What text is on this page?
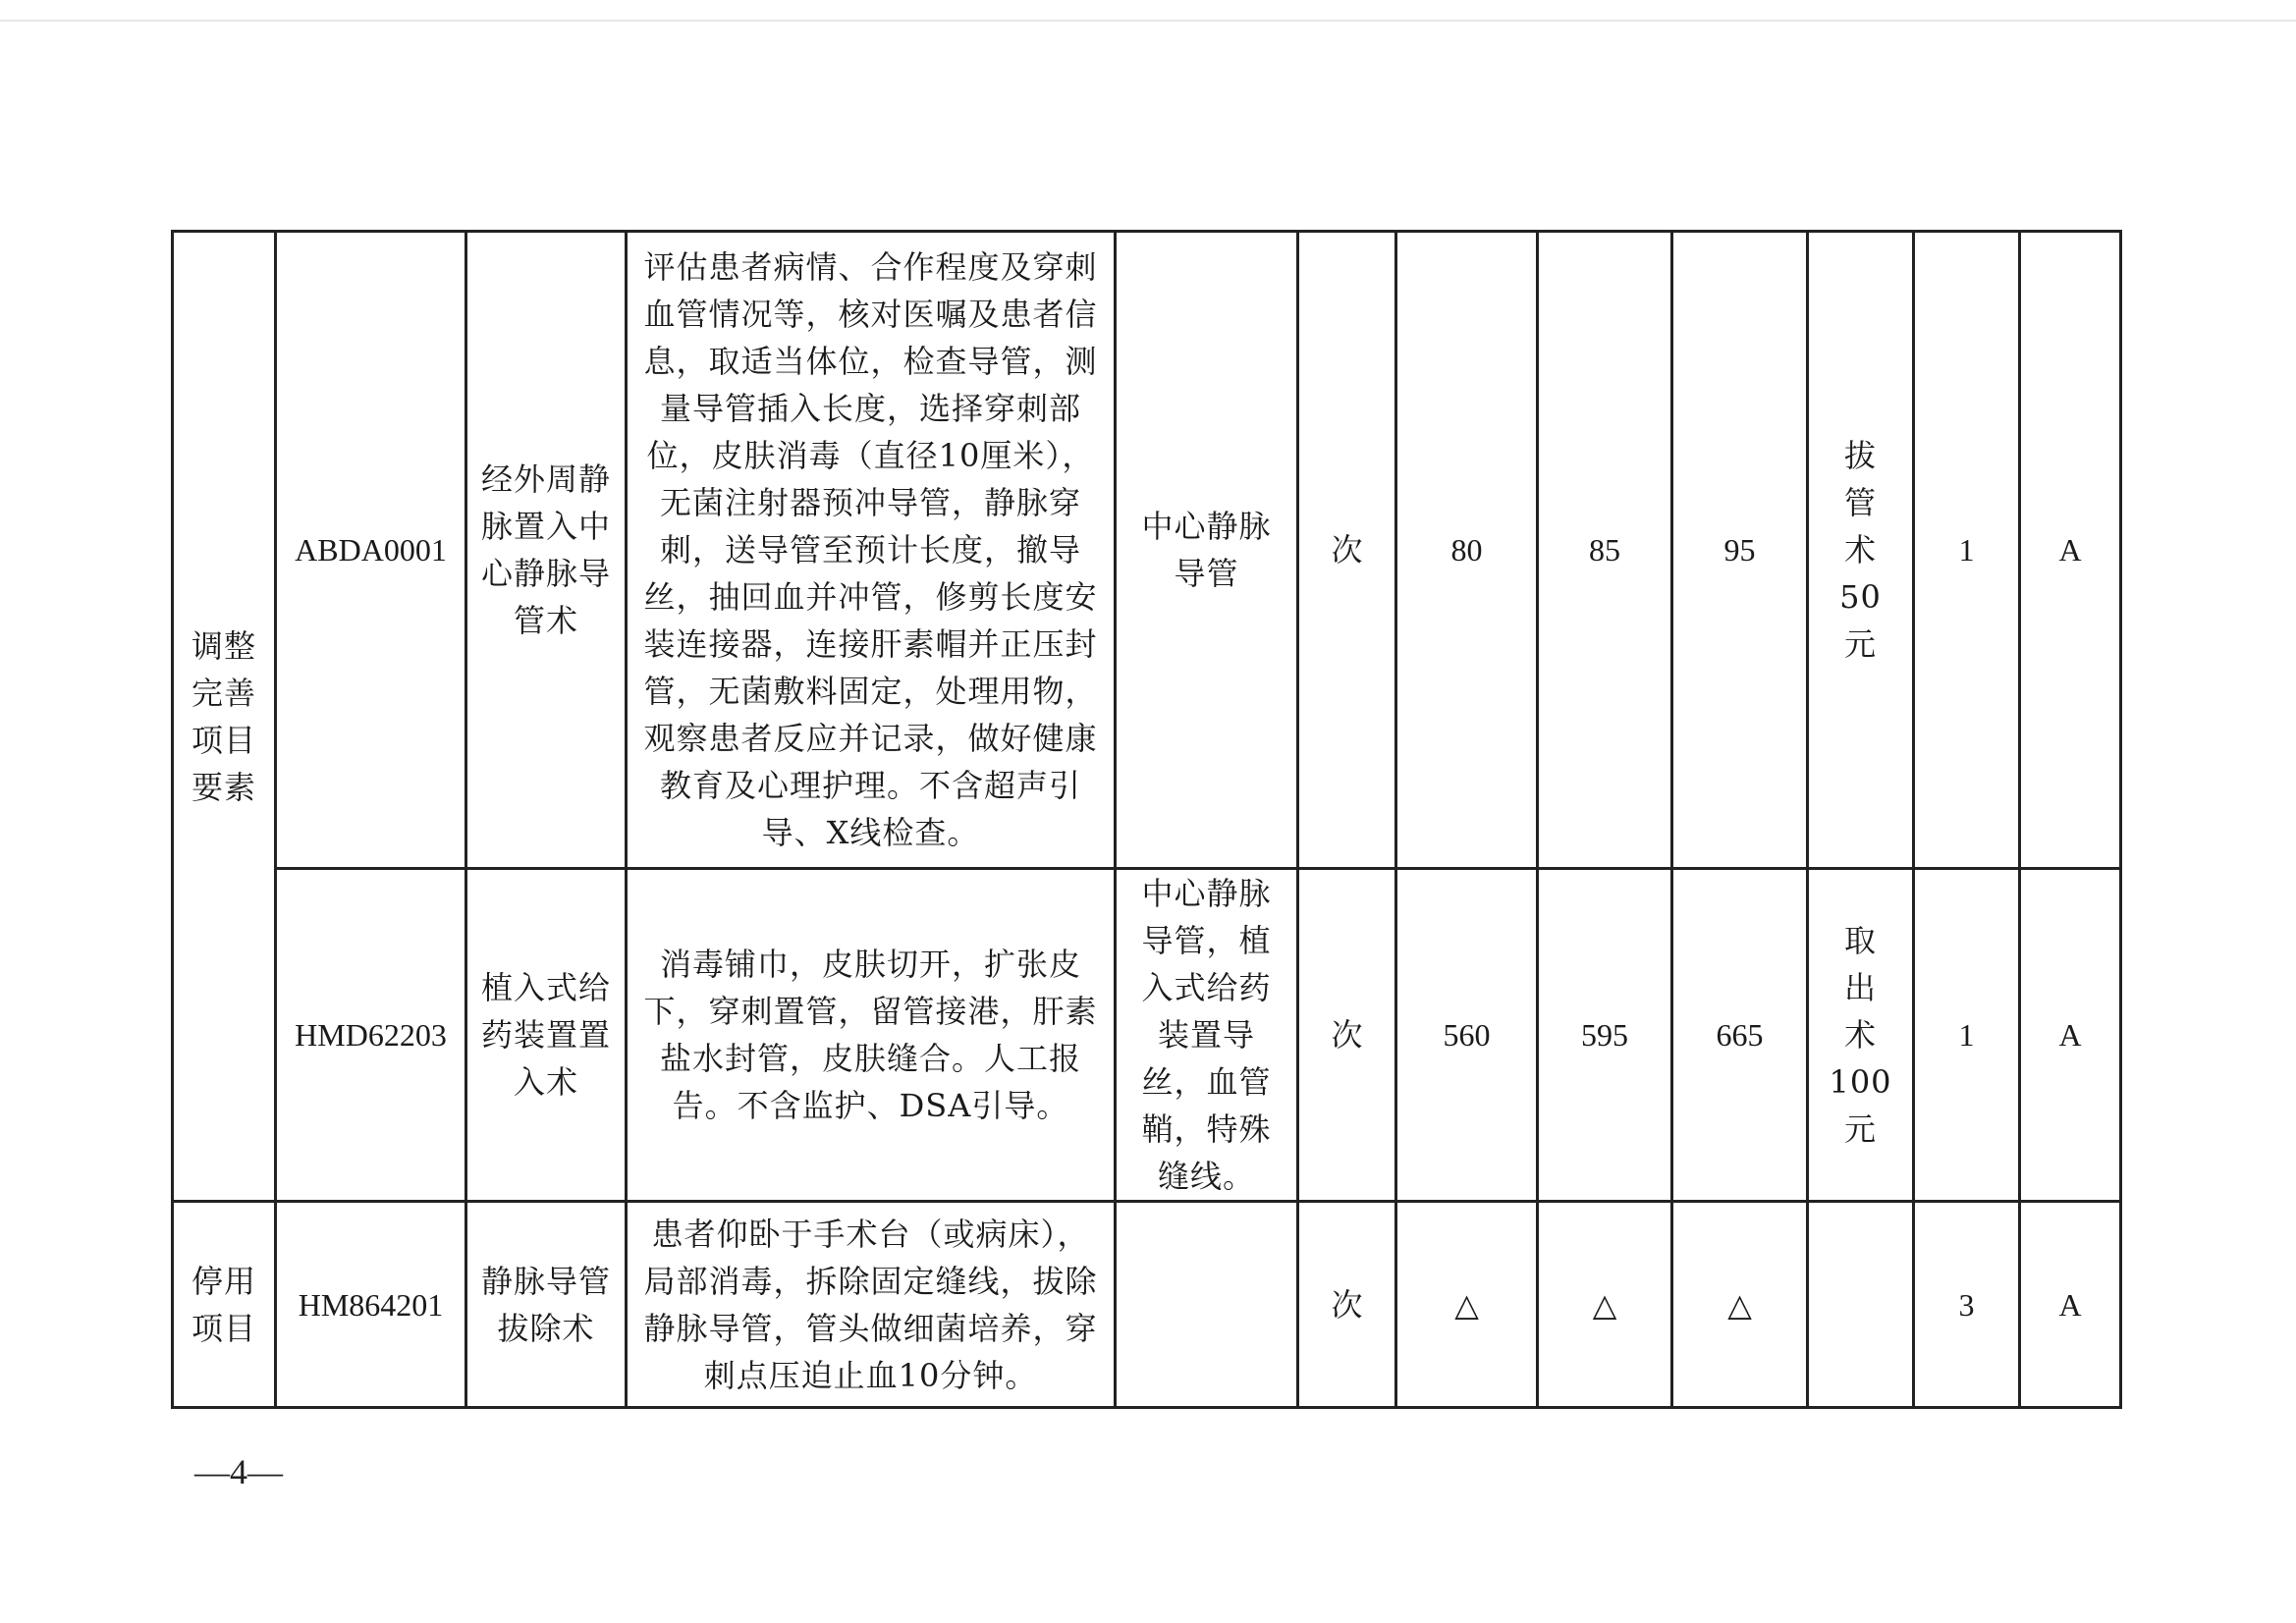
调整完善项目要素	ABDA0001	经外周静脉置入中心静脉导管术	评估患者病情、合作程度及穿刺血管情况等，核对医嘱及患者信息，取适当体位，检查导管，测量导管插入长度，选择穿刺部位，皮肤消毒（直径10厘米），无菌注射器预冲导管，静脉穿刺，送导管至预计长度，撤导丝，抽回血并冲管，修剪长度安装连接器，连接肝素帽并正压封管，无菌敷料固定，处理用物，观察患者反应并记录，做好健康教育及心理护理。不含超声引导、X线检查。	中心静脉导管	次	80	85	95	拔 管 术 50 元	1	A
	HMD62203	植入式给药装置置入术	消毒铺巾，皮肤切开，扩张皮下，穿刺置管，留管接港，肝素盐水封管，皮肤缝合。人工报告。不含监护、DSA引导。	中心静脉导管，植入式给药装置导丝，血管鞘，特殊缝线。	次	560	595	665	取 出 术 100 元	1	A
停用项目	HM864201	静脉导管拔除术	患者仰卧于手术台（或病床），局部消毒，拆除固定缝线，拔除静脉导管，管头做细菌培养，穿刺点压迫止血10分钟。		次	△	△	△		3	A
—4—
